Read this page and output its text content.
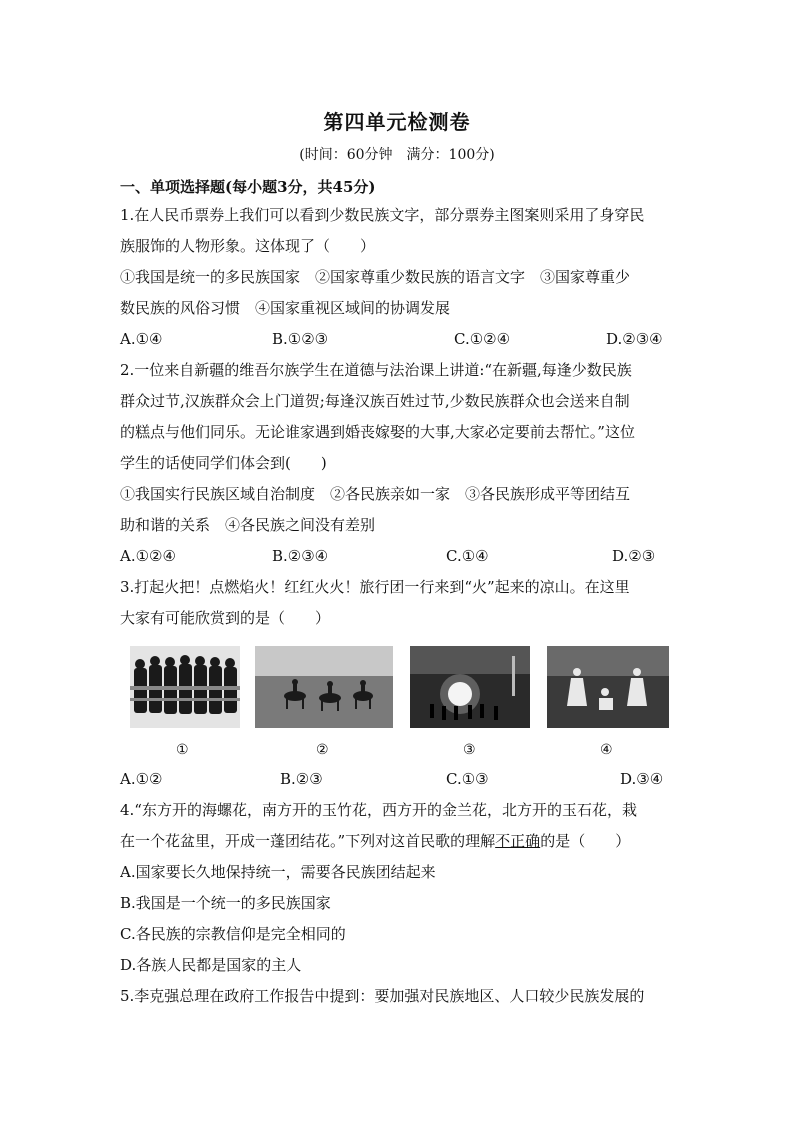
第四单元检测卷
(时间：60分钟　满分：100分)
一、单项选择题(每小题3分，共45分)
1.在人民币票券上我们可以看到少数民族文字，部分票券主图案则采用了身穿民
族服饰的人物形象。这体现了（　　）
①我国是统一的多民族国家　②国家尊重少数民族的语言文字　③国家尊重少
数民族的风俗习惯　④国家重视区域间的协调发展
A.①④	B.①②③	C.①②④	D.②③④
2.一位来自新疆的维吾尔族学生在道德与法治课上讲道:“在新疆,每逢少数民族
群众过节,汉族群众会上门道贺;每逢汉族百姓过节,少数民族群众也会送来自制
的糕点与他们同乐。无论谁家遇到婚丧嫁娶的大事,大家必定要前去帮忙。”这位
学生的话使同学们体会到(　　)
①我国实行民族区域自治制度　②各民族亲如一家　③各民族形成平等团结互
助和谐的关系　④各民族之间没有差别
A.①②④	B.②③④	C.①④	D.②③
3.打起火把！点燃焰火！红红火火！旅行团一行来到“火”起来的凉山。在这里
大家有可能欣赏到的是（　　）
①	②	③	④
A.①②	B.②③	C.①③	D.③④
4.“东方开的海螺花，南方开的玉竹花，西方开的金兰花，北方开的玉石花，栽
在一个花盆里，开成一蓬团结花。”下列对这首民歌的理解不正确的是（　　）
A.国家要长久地保持统一，需要各民族团结起来
B.我国是一个统一的多民族国家
C.各民族的宗教信仰是完全相同的
D.各族人民都是国家的主人
5.李克强总理在政府工作报告中提到：要加强对民族地区、人口较少民族发展的
